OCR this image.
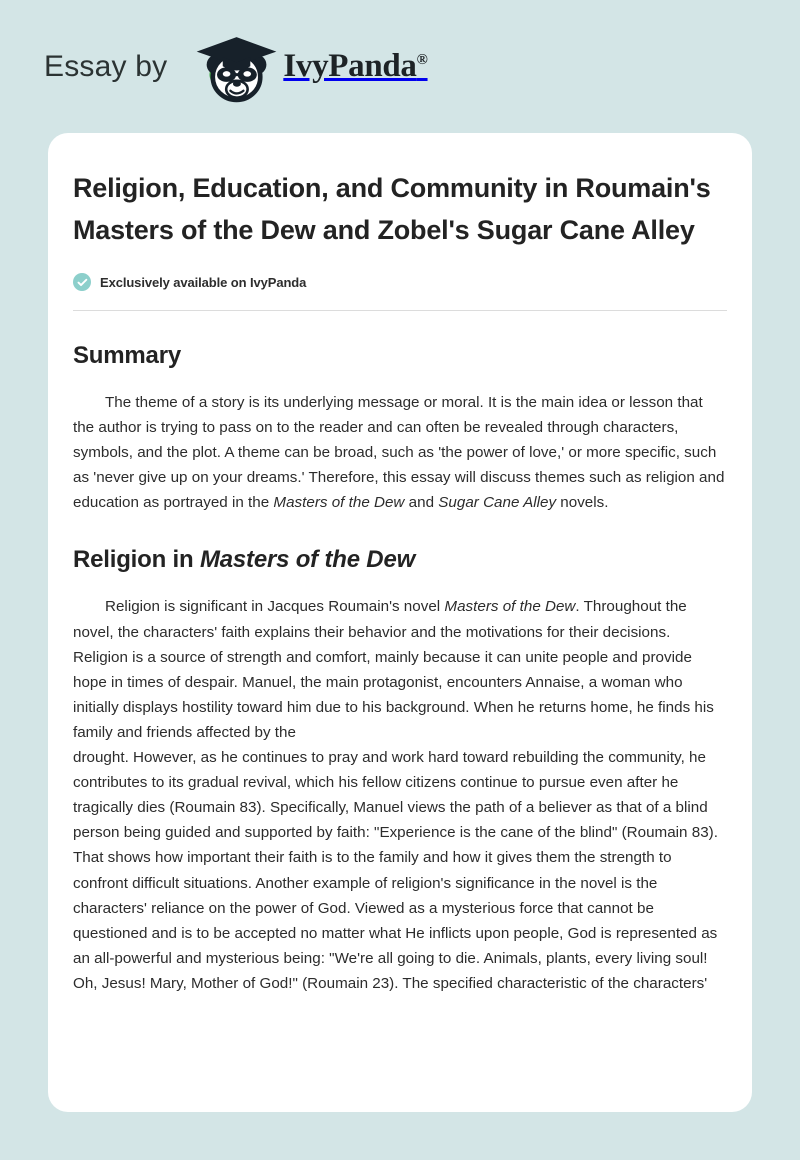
Essay by	IvyPanda®
Religion, Education, and Community in Roumain's Masters of the Dew and Zobel's Sugar Cane Alley
Exclusively available on IvyPanda
Summary

The theme of a story is its underlying message or moral. It is the main idea or lesson that the author is trying to pass on to the reader and can often be revealed through characters, symbols, and the plot. A theme can be broad, such as 'the power of love,' or more specific, such as 'never give up on your dreams.' Therefore, this essay will discuss themes such as religion and education as portrayed in the Masters of the Dew and Sugar Cane Alley novels.

Religion in Masters of the Dew

Religion is significant in Jacques Roumain's novel Masters of the Dew. Throughout the novel, the characters' faith explains their behavior and the motivations for their decisions. Religion is a source of strength and comfort, mainly because it can unite people and provide hope in times of despair. Manuel, the main protagonist, encounters Annaise, a woman who initially displays hostility toward him due to his background. When he returns home, he finds his family and friends affected by the
drought. However, as he continues to pray and work hard toward rebuilding the community, he contributes to its gradual revival, which his fellow citizens continue to pursue even after he tragically dies (Roumain 83). Specifically, Manuel views the path of a believer as that of a blind person being guided and supported by faith: "Experience is the cane of the blind" (Roumain 83). That shows how important their faith is to the family and how it gives them the strength to confront difficult situations. Another example of religion's significance in the novel is the characters' reliance on the power of God. Viewed as a mysterious force that cannot be questioned and is to be accepted no matter what He inflicts upon people, God is represented as an all-powerful and mysterious being: "We're all going to die. Animals, plants, every living soul! Oh, Jesus! Mary, Mother of God!" (Roumain 23). The specified characteristic of the characters'
